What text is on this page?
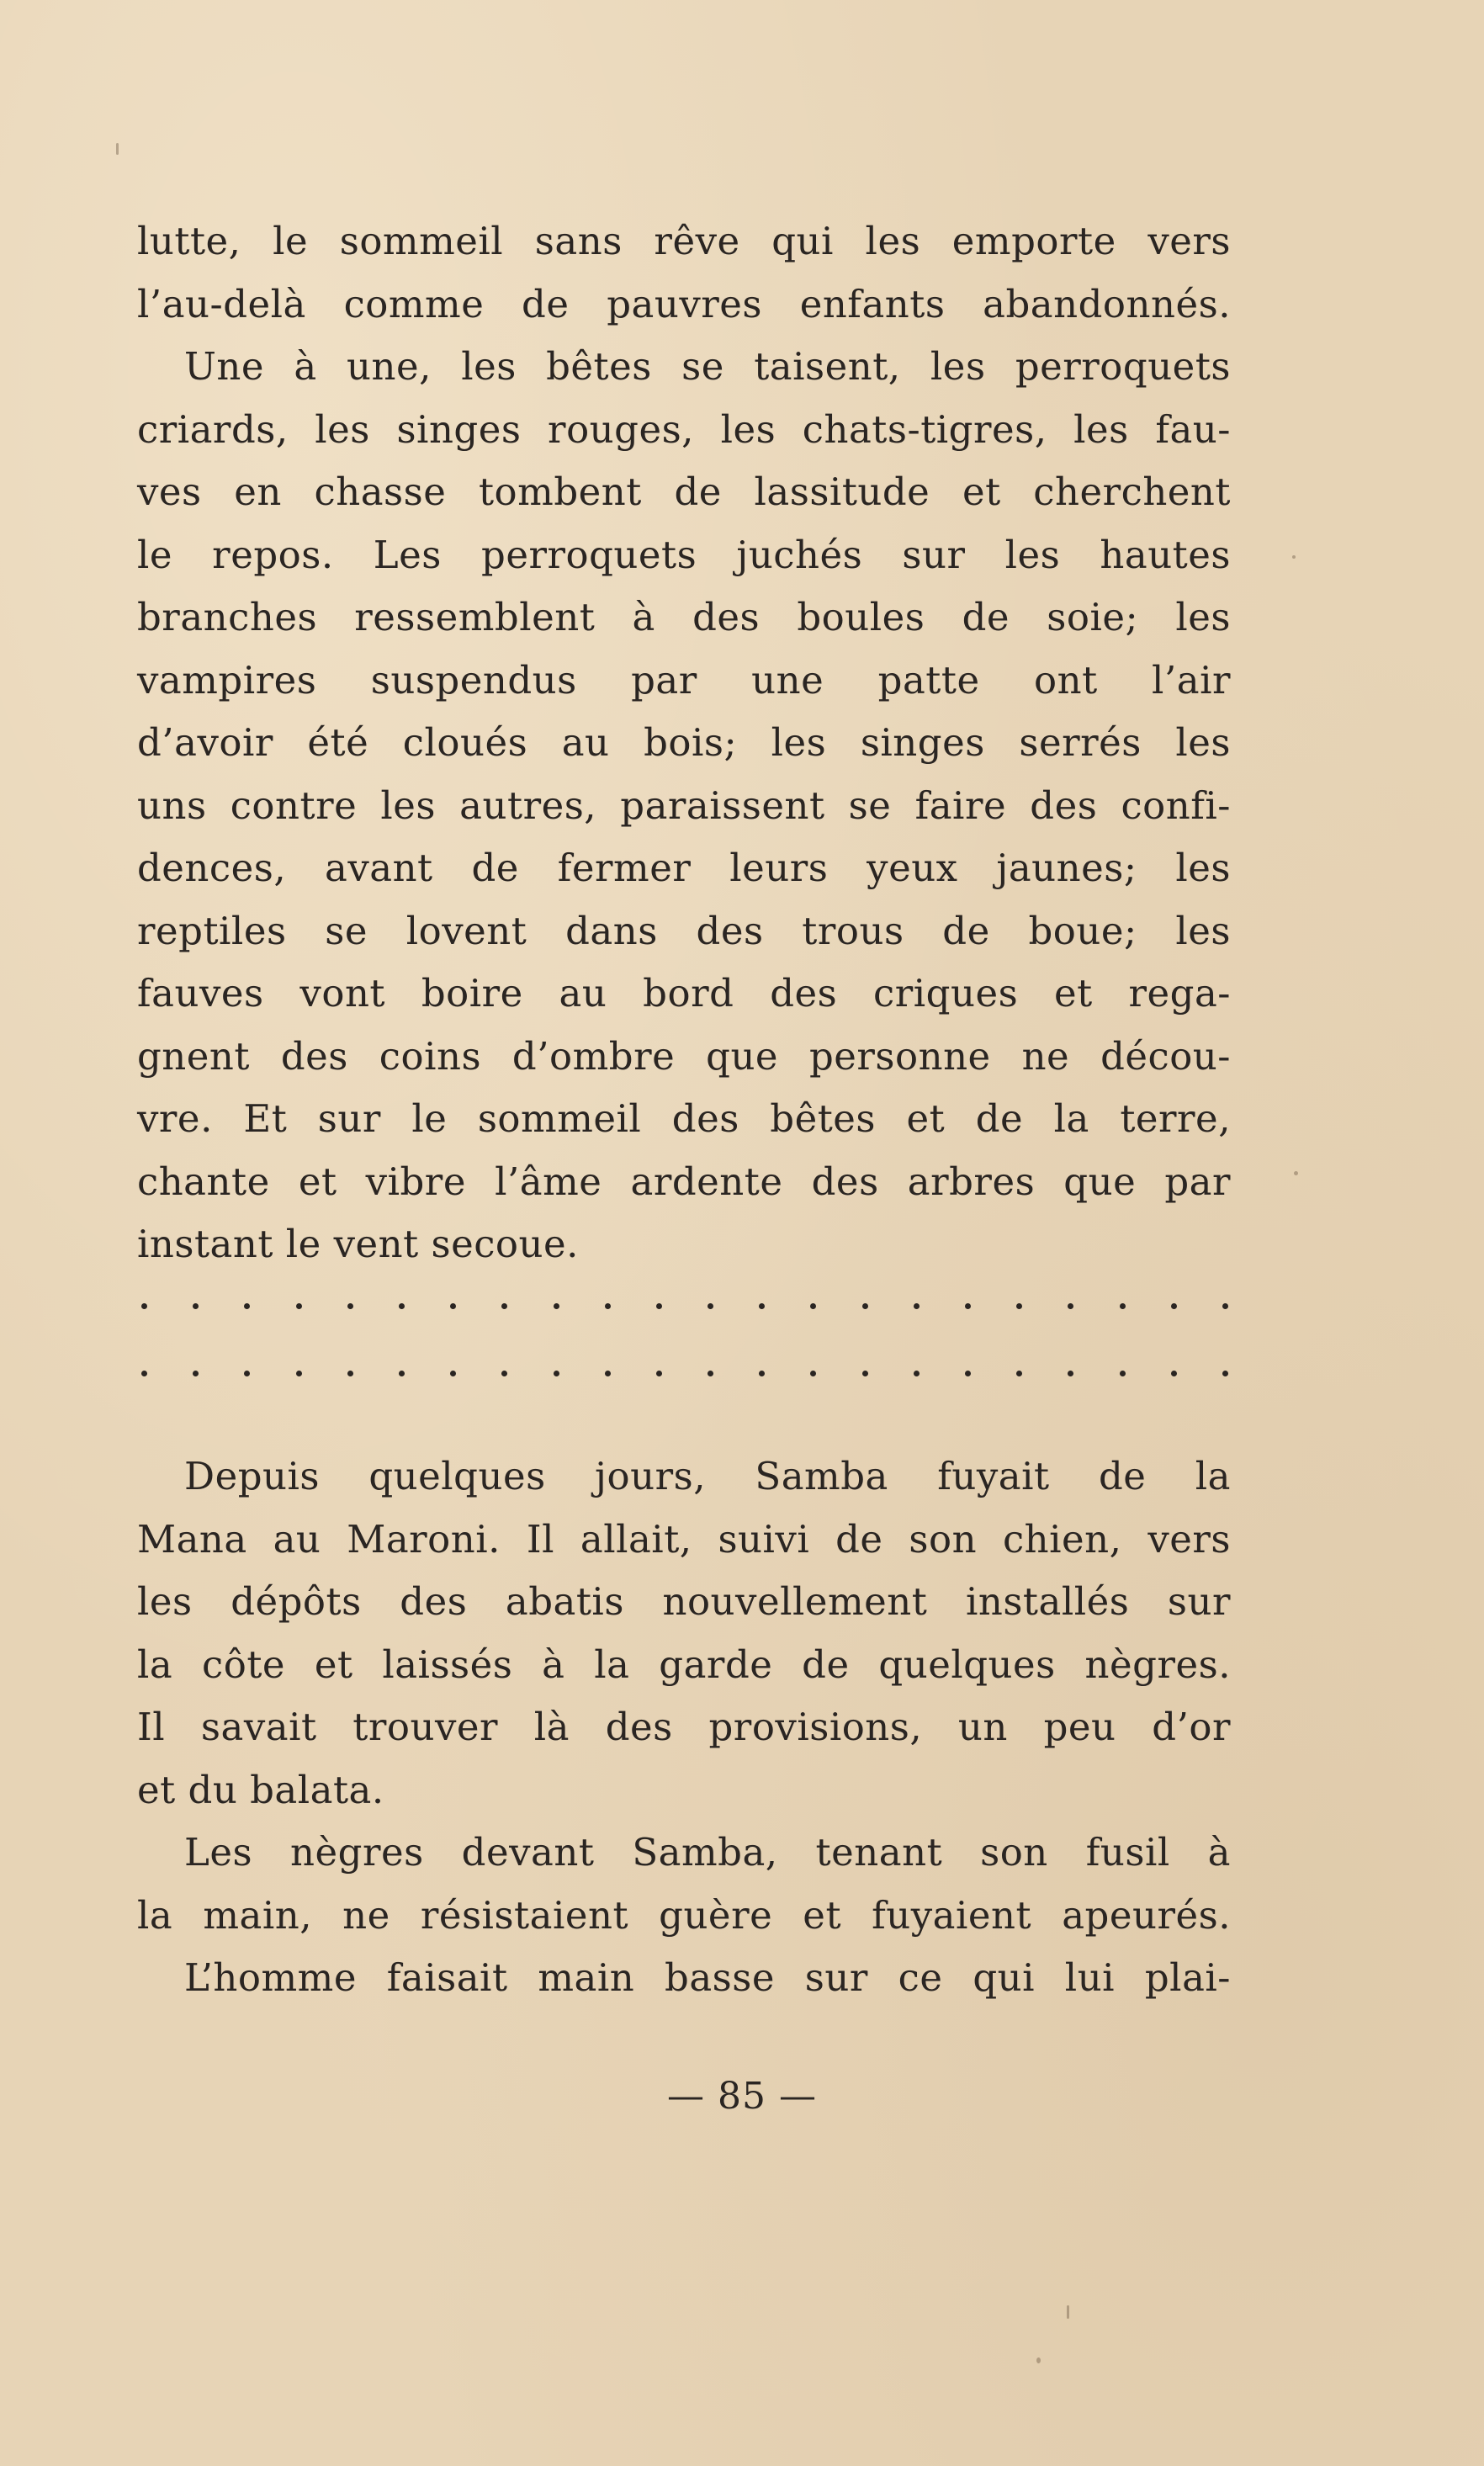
lutte, le sommeil sans rêve qui les emporte vers
l’au-delà comme de pauvres enfants abandonnés.
Une à une, les bêtes se taisent, les perroquets
criards, les singes rouges, les chats-tigres, les fau-
ves en chasse tombent de lassitude et cherchent
le repos. Les perroquets juchés sur les hautes
branches ressemblent à des boules de soie; les
vampires suspendus par une patte ont l’air
d’avoir été cloués au bois; les singes serrés les
uns contre les autres, paraissent se faire des confi-
dences, avant de fermer leurs yeux jaunes; les
reptiles se lovent dans des trous de boue; les
fauves vont boire au bord des criques et rega-
gnent des coins d’ombre que personne ne décou-
vre. Et sur le sommeil des bêtes et de la terre,
chante et vibre l’âme ardente des arbres que par
instant le vent secoue.
Depuis quelques jours, Samba fuyait de la
Mana au Maroni. Il allait, suivi de son chien, vers
les dépôts des abatis nouvellement installés sur
la côte et laissés à la garde de quelques nègres.
Il savait trouver là des provisions, un peu d’or
et du balata.
Les nègres devant Samba, tenant son fusil à
la main, ne résistaient guère et fuyaient apeurés.
L’homme faisait main basse sur ce qui lui plai-
— 85 —
